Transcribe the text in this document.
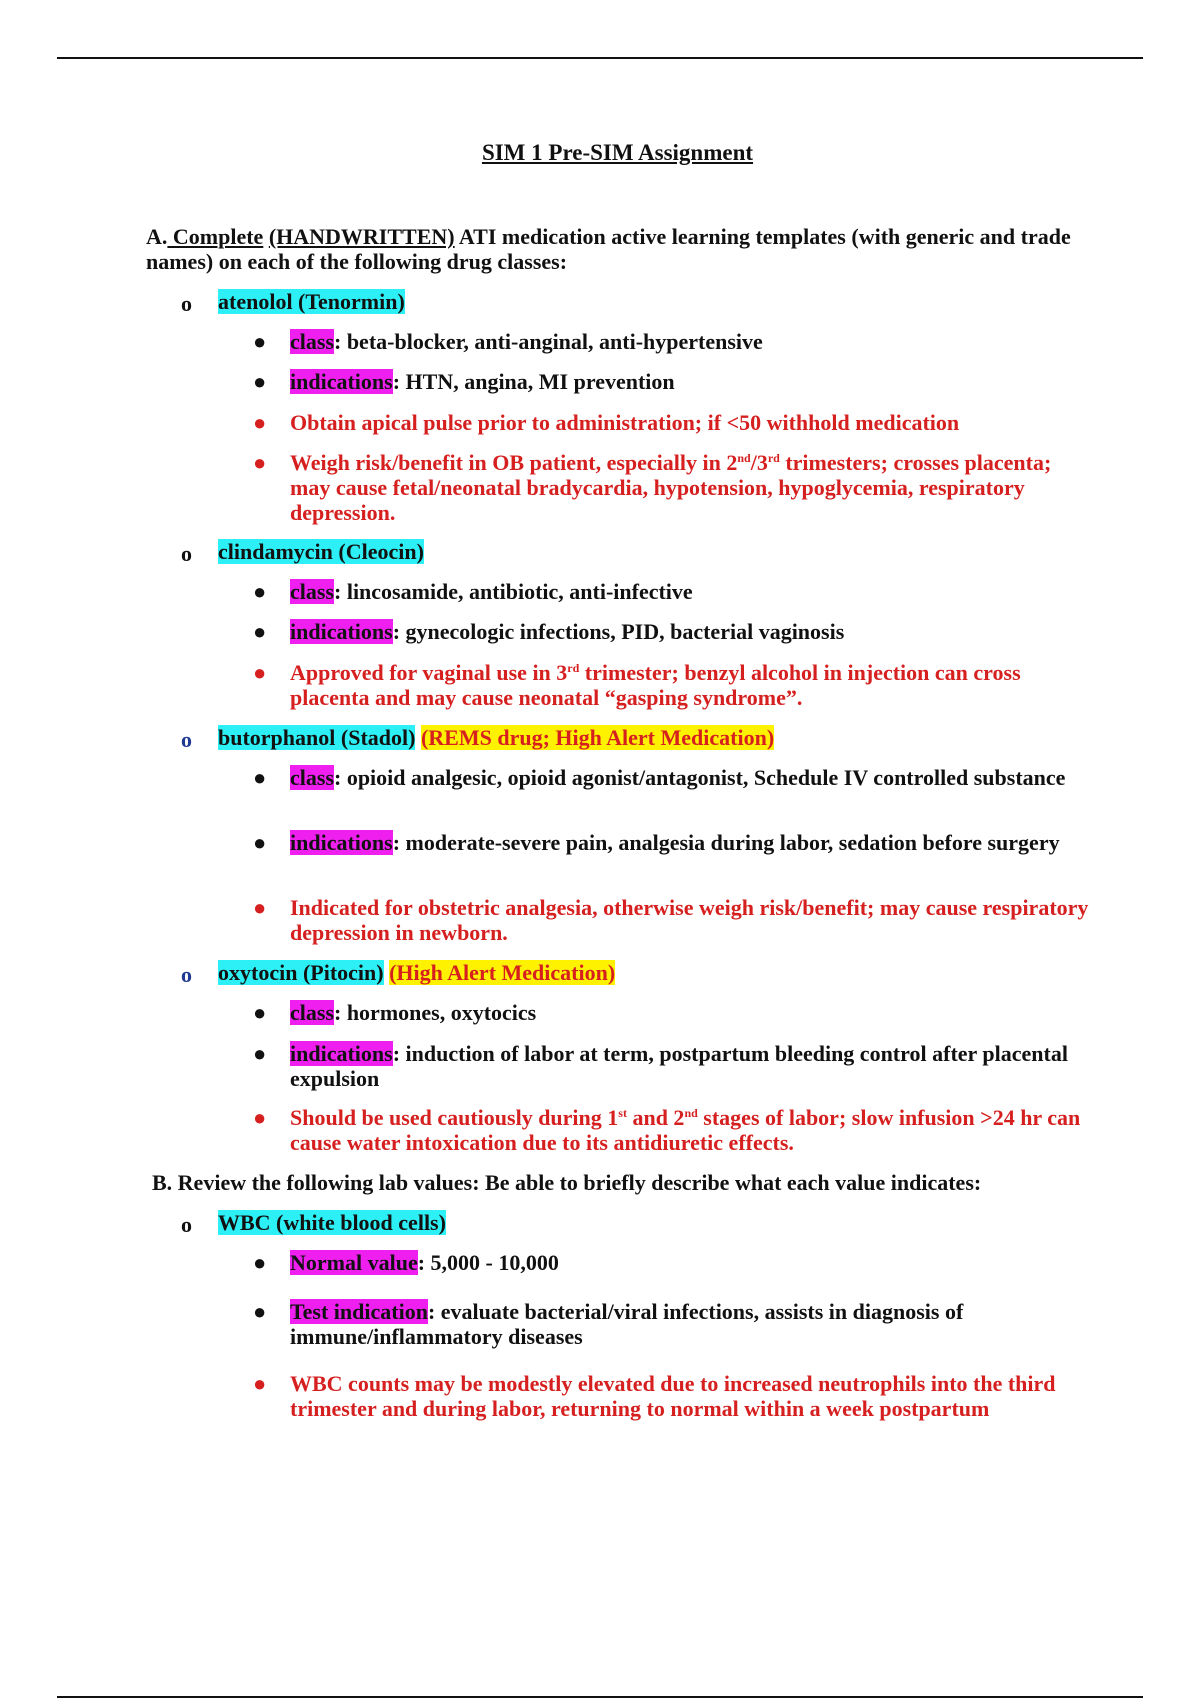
SIM 1 Pre-SIM Assignment
A. Complete (HANDWRITTEN) ATI medication active learning templates (with generic and trade names) on each of the following drug classes:
o atenolol (Tenormin)
● class: beta-blocker, anti-anginal, anti-hypertensive
● indications: HTN, angina, MI prevention
● Obtain apical pulse prior to administration; if <50 withhold medication
● Weigh risk/benefit in OB patient, especially in 2nd/3rd trimesters; crosses placenta; may cause fetal/neonatal bradycardia, hypotension, hypoglycemia, respiratory depression.
o clindamycin (Cleocin)
● class: lincosamide, antibiotic, anti-infective
● indications: gynecologic infections, PID, bacterial vaginosis
● Approved for vaginal use in 3rd trimester; benzyl alcohol in injection can cross placenta and may cause neonatal “gasping syndrome”.
o butorphanol (Stadol) (REMS drug; High Alert Medication)
● class: opioid analgesic, opioid agonist/antagonist, Schedule IV controlled substance
● indications: moderate-severe pain, analgesia during labor, sedation before surgery
● Indicated for obstetric analgesia, otherwise weigh risk/benefit; may cause respiratory depression in newborn.
o oxytocin (Pitocin) (High Alert Medication)
● class: hormones, oxytocics
● indications: induction of labor at term, postpartum bleeding control after placental expulsion
● Should be used cautiously during 1st and 2nd stages of labor; slow infusion >24 hr can cause water intoxication due to its antidiuretic effects.
B. Review the following lab values: Be able to briefly describe what each value indicates:
o WBC (white blood cells)
● Normal value: 5,000 - 10,000
● Test indication: evaluate bacterial/viral infections, assists in diagnosis of immune/inflammatory diseases
● WBC counts may be modestly elevated due to increased neutrophils into the third trimester and during labor, returning to normal within a week postpartum
